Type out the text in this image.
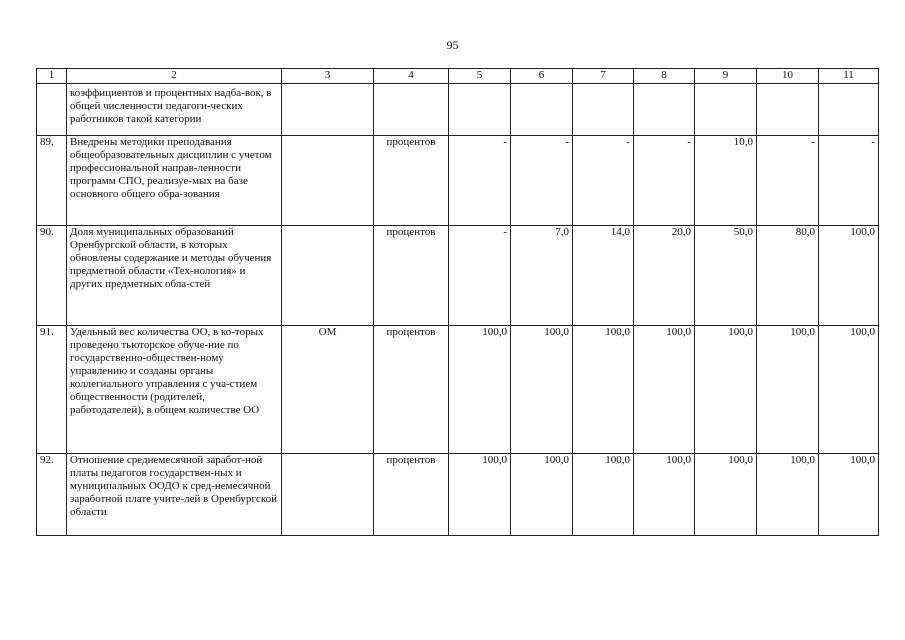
95
1	2	3	4	5	6	7	8	9	10	11
	коэффициентов и процентных надба-вок, в общей численности педагоги-ческих работников такой категории									
89.	Внедрены методики преподавания общеобразовательных дисциплин с учетом профессиональной направ-ленности программ СПО, реализуе-мых на базе основного общего обра-зования		процентов	-	-	-	-	10,0	-	-
90.	Доля муниципальных образований Оренбургской области, в которых обновлены содержание и методы обучения предметной области «Тех-нология» и других предметных обла-стей		процентов	-	7,0	14,0	20,0	50,0	80,0	100,0
91.	Удельный вес количества ОО, в ко-торых проведено тьюторское обуче-ние по государственно-обществен-ному управлению и созданы органы коллегиального управления с уча-стием общественности (родителей, работодателей), в общем количестве ОО	ОМ	процентов	100,0	100,0	100,0	100,0	100,0	100,0	100,0
92.	Отношение среднемесячной заработ-ной платы педагогов государствен-ных и муниципальных ООДО к сред-немесячной заработной плате учите-лей в Оренбургской области		процентов	100,0	100,0	100,0	100,0	100,0	100,0	100,0
